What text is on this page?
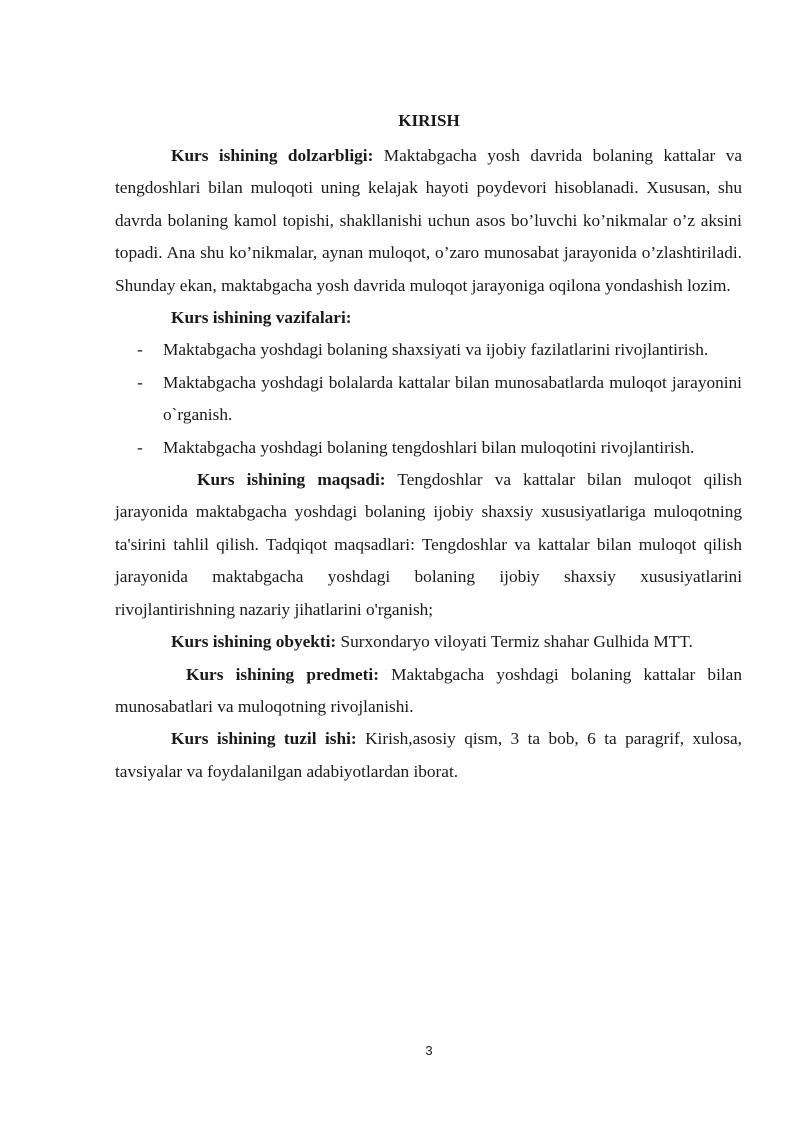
KIRISH

Kurs ishining dolzarbligi: Maktabgacha yosh davrida bolaning kattalar va tengdoshlari bilan muloqoti uning kelajak hayoti poydevori hisoblanadi. Xususan, shu davrda bolaning kamol topishi, shakllanishi uchun asos bo’luvchi ko’nikmalar o’z aksini topadi. Ana shu ko’nikmalar, aynan muloqot, o’zaro munosabat jarayonida o’zlashtiriladi. Shunday ekan, maktabgacha yosh davrida muloqot jarayoniga oqilona yondashish lozim.

Kurs ishining vazifalari:

- Maktabgacha yoshdagi bolaning shaxsiyati va ijobiy fazilatlarini rivojlantirish.
- Maktabgacha yoshdagi bolalarda kattalar bilan munosabatlarda muloqot jarayonini o`rganish.
- Maktabgacha yoshdagi bolaning tengdoshlari bilan muloqotini rivojlantirish.

Kurs ishining maqsadi: Tengdoshlar va kattalar bilan muloqot qilish jarayonida maktabgacha yoshdagi bolaning ijobiy shaxsiy xususiyatlariga muloqotning ta'sirini tahlil qilish. Tadqiqot maqsadlari: Tengdoshlar va kattalar bilan muloqot qilish jarayonida maktabgacha yoshdagi bolaning ijobiy shaxsiy xususiyatlarini rivojlantirishning nazariy jihatlarini o'rganish;

Kurs ishining obyekti: Surxondaryo viloyati Termiz shahar Gulhida MTT.

Kurs ishining predmeti: Maktabgacha yoshdagi bolaning kattalar bilan munosabatlari va muloqotning rivojlanishi.

Kurs ishining tuzil ishi: Kirish,asosiy qism, 3 ta bob, 6 ta paragrif, xulosa, tavsiyalar va foydalanilgan adabiyotlardan iborat.

3
